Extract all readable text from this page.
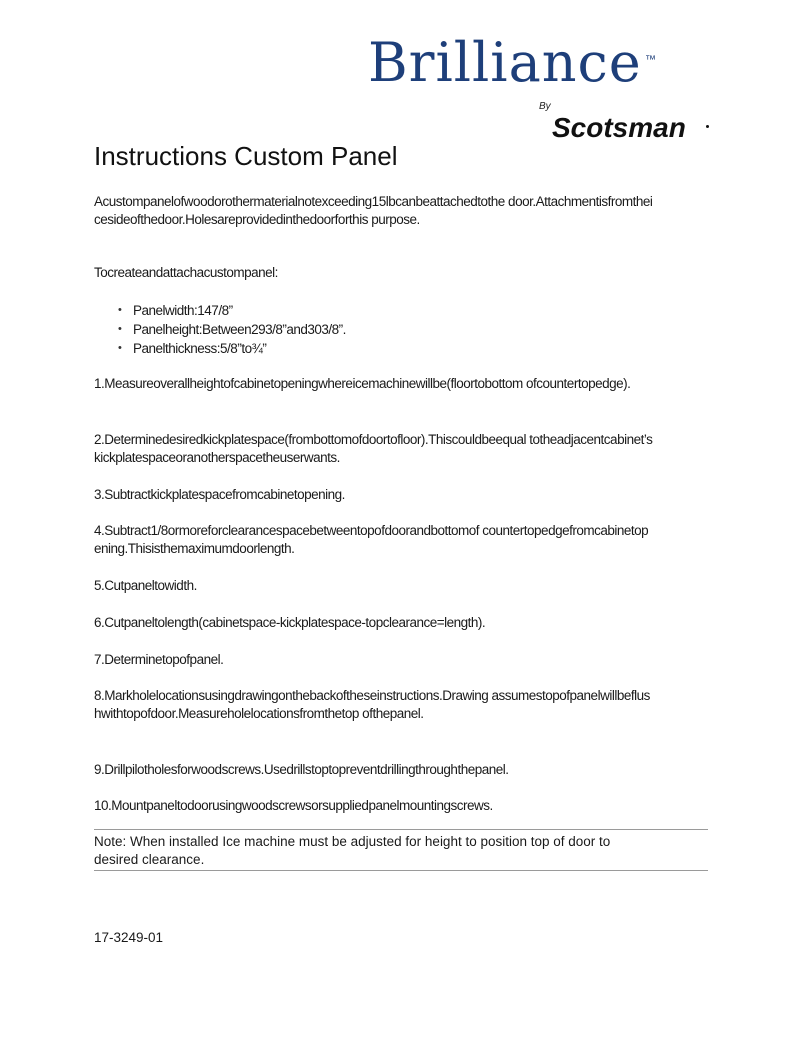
Brilliance ™
By
Scotsman
Instructions Custom Panel

Acustompanelofwoodorothermaterialnotexceeding15lbcanbeattachedtothe door.Attachmentisfromtheicesideofthedoor.Holesareprovidedinthedoorforthis purpose.

Tocreateandattachacustompanel:

• Panelwidth:147/8”
• Panelheight:Between293/8”and303/8”.
• Panelthickness:5/8”to¾”

1.Measureoverallheightofcabinetopeningwhereicemachinewillbe(floortobottom ofcountertopedge).

2.Determinedesiredkickplatespace(frombottomofdoortofloor).Thiscouldbeequal totheadjacentcabinet’skickplatespaceoranotherspacetheuserwants.

3.Subtractkickplatespacefromcabinetopening.

4.Subtract1/8ormoreforclearancespacebetweentopofdoorandbottomof countertopedgefromcabinetopening.Thisisthemaximumdoorlength.

5.Cutpaneltowidth.

6.Cutpaneltolength(cabinetspace-kickplatespace-topclearance=length).

7.Determinetopofpanel.

8.Markholelocationsusingdrawingonthebackoftheseinstructions.Drawing assumestopofpanelwillbeflushwithtopofdoor.Measureholelocationsfromthetop ofthepanel.

9.Drillpilotholesforwoodscrews.Usedrillstoptopreventdrillingthroughthepanel.

10.Mountpaneltodoorusingwoodscrewsorsuppliedpanelmountingscrews.

Note: When installed Ice machine must be adjusted for height to position top of door to desired clearance.

17-3249-01
